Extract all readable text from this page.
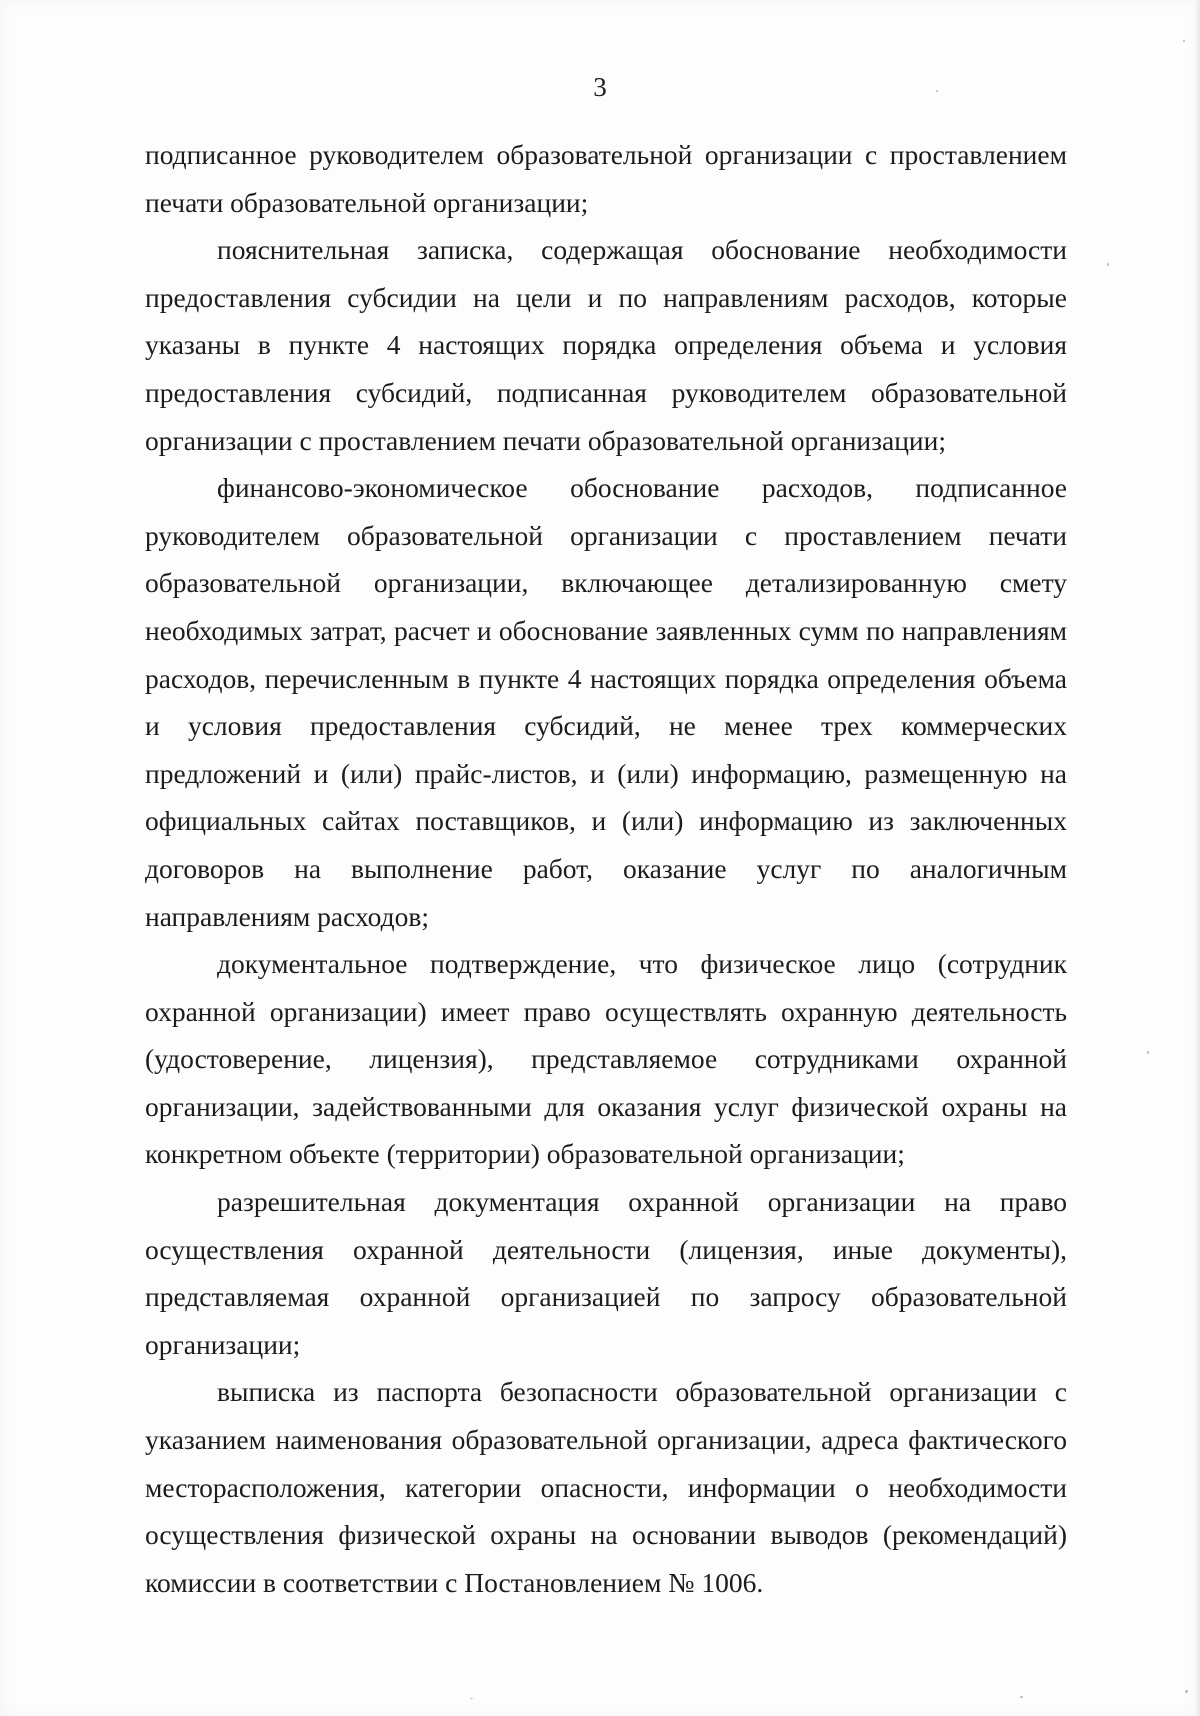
3

подписанное руководителем образовательной организации с проставлением печати образовательной организации;

пояснительная записка, содержащая обоснование необходимости предоставления субсидии на цели и по направлениям расходов, которые указаны в пункте 4 настоящих порядка определения объема и условия предоставления субсидий, подписанная руководителем образовательной организации с проставлением печати образовательной организации;

финансово-экономическое обоснование расходов, подписанное руководителем образовательной организации с проставлением печати образовательной организации, включающее детализированную смету необходимых затрат, расчет и обоснование заявленных сумм по направлениям расходов, перечисленным в пункте 4 настоящих порядка определения объема и условия предоставления субсидий, не менее трех коммерческих предложений и (или) прайс-листов, и (или) информацию, размещенную на официальных сайтах поставщиков, и (или) информацию из заключенных договоров на выполнение работ, оказание услуг по аналогичным направлениям расходов;

документальное подтверждение, что физическое лицо (сотрудник охранной организации) имеет право осуществлять охранную деятельность (удостоверение, лицензия), представляемое сотрудниками охранной организации, задействованными для оказания услуг физической охраны на конкретном объекте (территории) образовательной организации;

разрешительная документация охранной организации на право осуществления охранной деятельности (лицензия, иные документы), представляемая охранной организацией по запросу образовательной организации;

выписка из паспорта безопасности образовательной организации с указанием наименования образовательной организации, адреса фактического месторасположения, категории опасности, информации о необходимости осуществления физической охраны на основании выводов (рекомендаций) комиссии в соответствии с Постановлением № 1006.
